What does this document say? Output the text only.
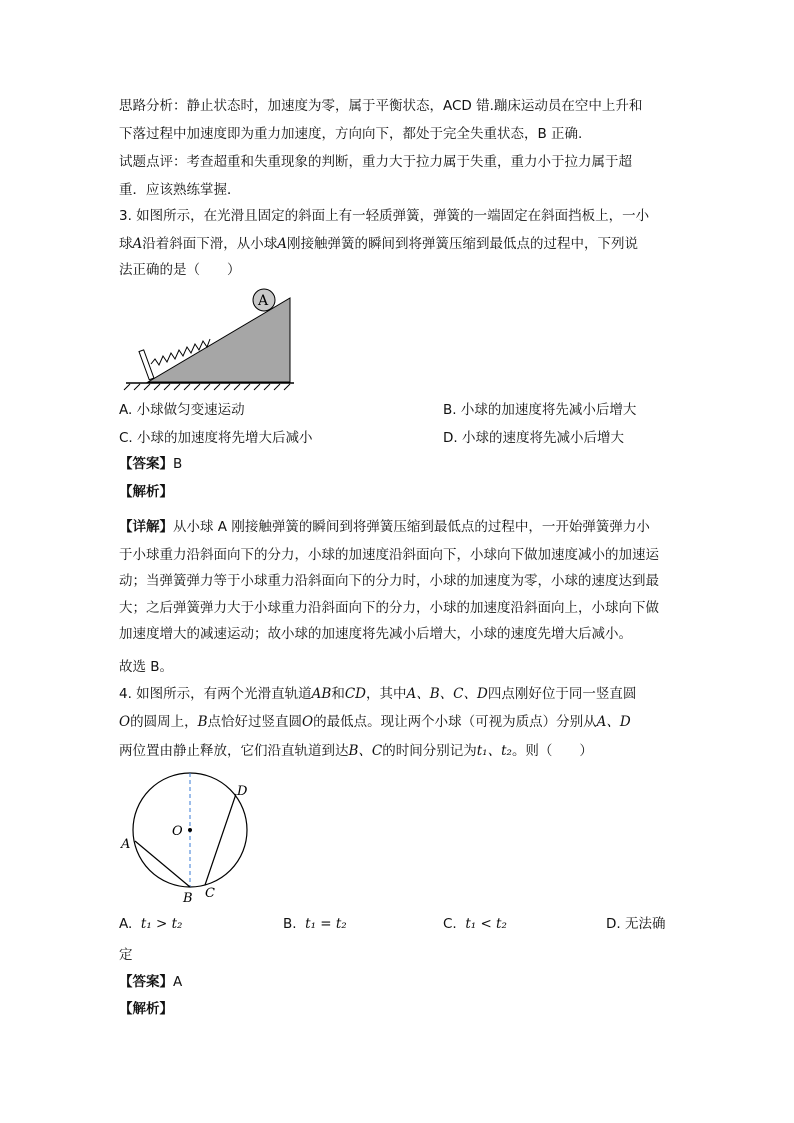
思路分析：静止状态时，加速度为零，属于平衡状态，ACD 错.蹦床运动员在空中上升和
下落过程中加速度即为重力加速度，方向向下，都处于完全失重状态，B 正确.
试题点评：考查超重和失重现象的判断，重力大于拉力属于失重，重力小于拉力属于超
重．应该熟练掌握．
3. 如图所示，在光滑且固定的斜面上有一轻质弹簧，弹簧的一端固定在斜面挡板上，一小
球A沿着斜面下滑，从小球A刚接触弹簧的瞬间到将弹簧压缩到最低点的过程中，下列说
法正确的是（　　）
A
A. 小球做匀变速运动	B. 小球的加速度将先减小后增大
C. 小球的加速度将先增大后减小	D. 小球的速度将先减小后增大
【答案】B
【解析】
【详解】从小球 A 刚接触弹簧的瞬间到将弹簧压缩到最低点的过程中，一开始弹簧弹力小
于小球重力沿斜面向下的分力，小球的加速度沿斜面向下，小球向下做加速度减小的加速运
动；当弹簧弹力等于小球重力沿斜面向下的分力时，小球的加速度为零，小球的速度达到最
大；之后弹簧弹力大于小球重力沿斜面向下的分力，小球的加速度沿斜面向上，小球向下做
加速度增大的减速运动；故小球的加速度将先减小后增大，小球的速度先增大后减小。
故选 B。
4. 如图所示，有两个光滑直轨道AB和CD，其中A、B、C、D四点刚好位于同一竖直圆
O的圆周上，B点恰好过竖直圆O的最低点。现让两个小球（可视为质点）分别从A、D
两位置由静止释放，它们沿直轨道到达B、C的时间分别记为t₁、t₂。则（　　）
O
A
B C
D
A. t₁ > t₂	B. t₁ = t₂	C. t₁ < t₂	D. 无法确
定
【答案】A
【解析】
